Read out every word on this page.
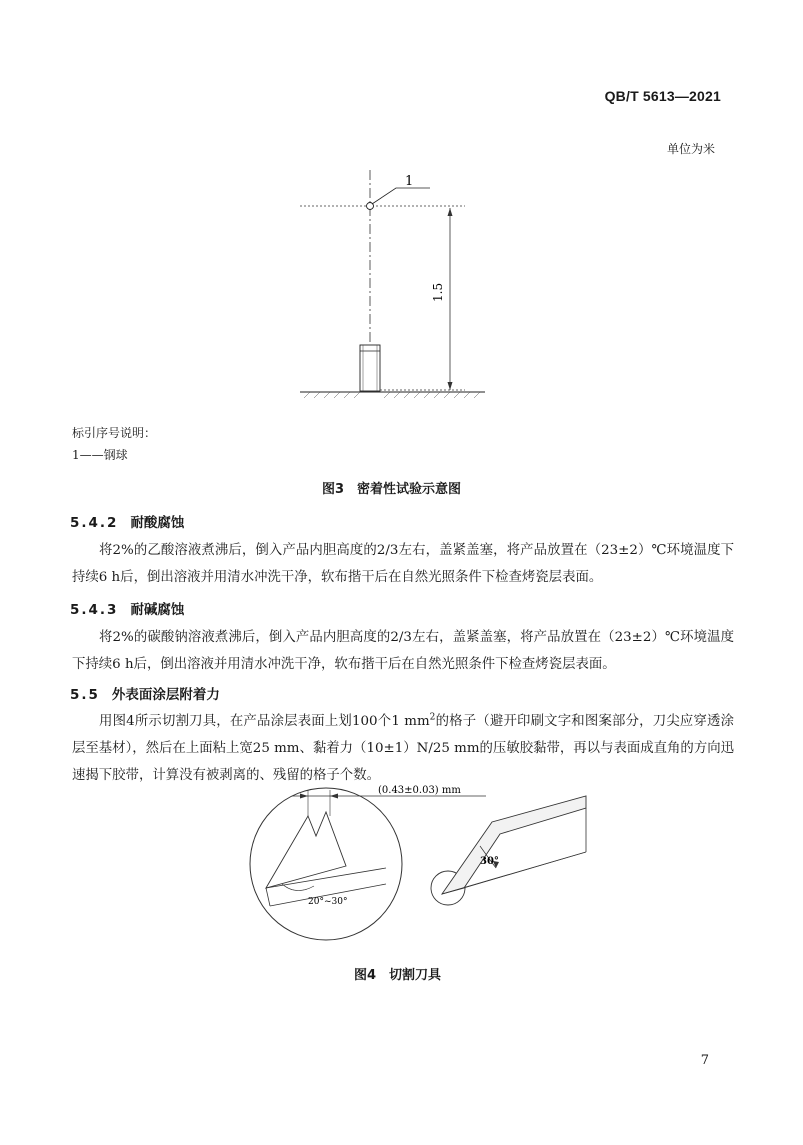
QB/T 5613—2021
单位为米
1
1.5
标引序号说明：
1——钢球
图3　密着性试验示意图
5.4.2 耐酸腐蚀

将2%的乙酸溶液煮沸后，倒入产品内胆高度的2/3左右，盖紧盖塞，将产品放置在（23±2）℃环境温度下持续6 h后，倒出溶液并用清水冲洗干净，软布揩干后在自然光照条件下检查烤瓷层表面。

5.4.3 耐碱腐蚀

将2%的碳酸钠溶液煮沸后，倒入产品内胆高度的2/3左右，盖紧盖塞，将产品放置在（23±2）℃环境温度下持续6 h后，倒出溶液并用清水冲洗干净，软布揩干后在自然光照条件下检查烤瓷层表面。

5.5 外表面涂层附着力

用图4所示切割刀具，在产品涂层表面上划100个1 $mm^2$的格子（避开印刷文字和图案部分，刀尖应穿透涂层至基材），然后在上面粘上宽25 mm、黏着力（10±1）N/25 mm的压敏胶黏带，再以与表面成直角的方向迅速揭下胶带，计算没有被剥离的、残留的格子个数。

(0.43±0.03) mm
20°~30°
30°
图4　切割刀具
7
